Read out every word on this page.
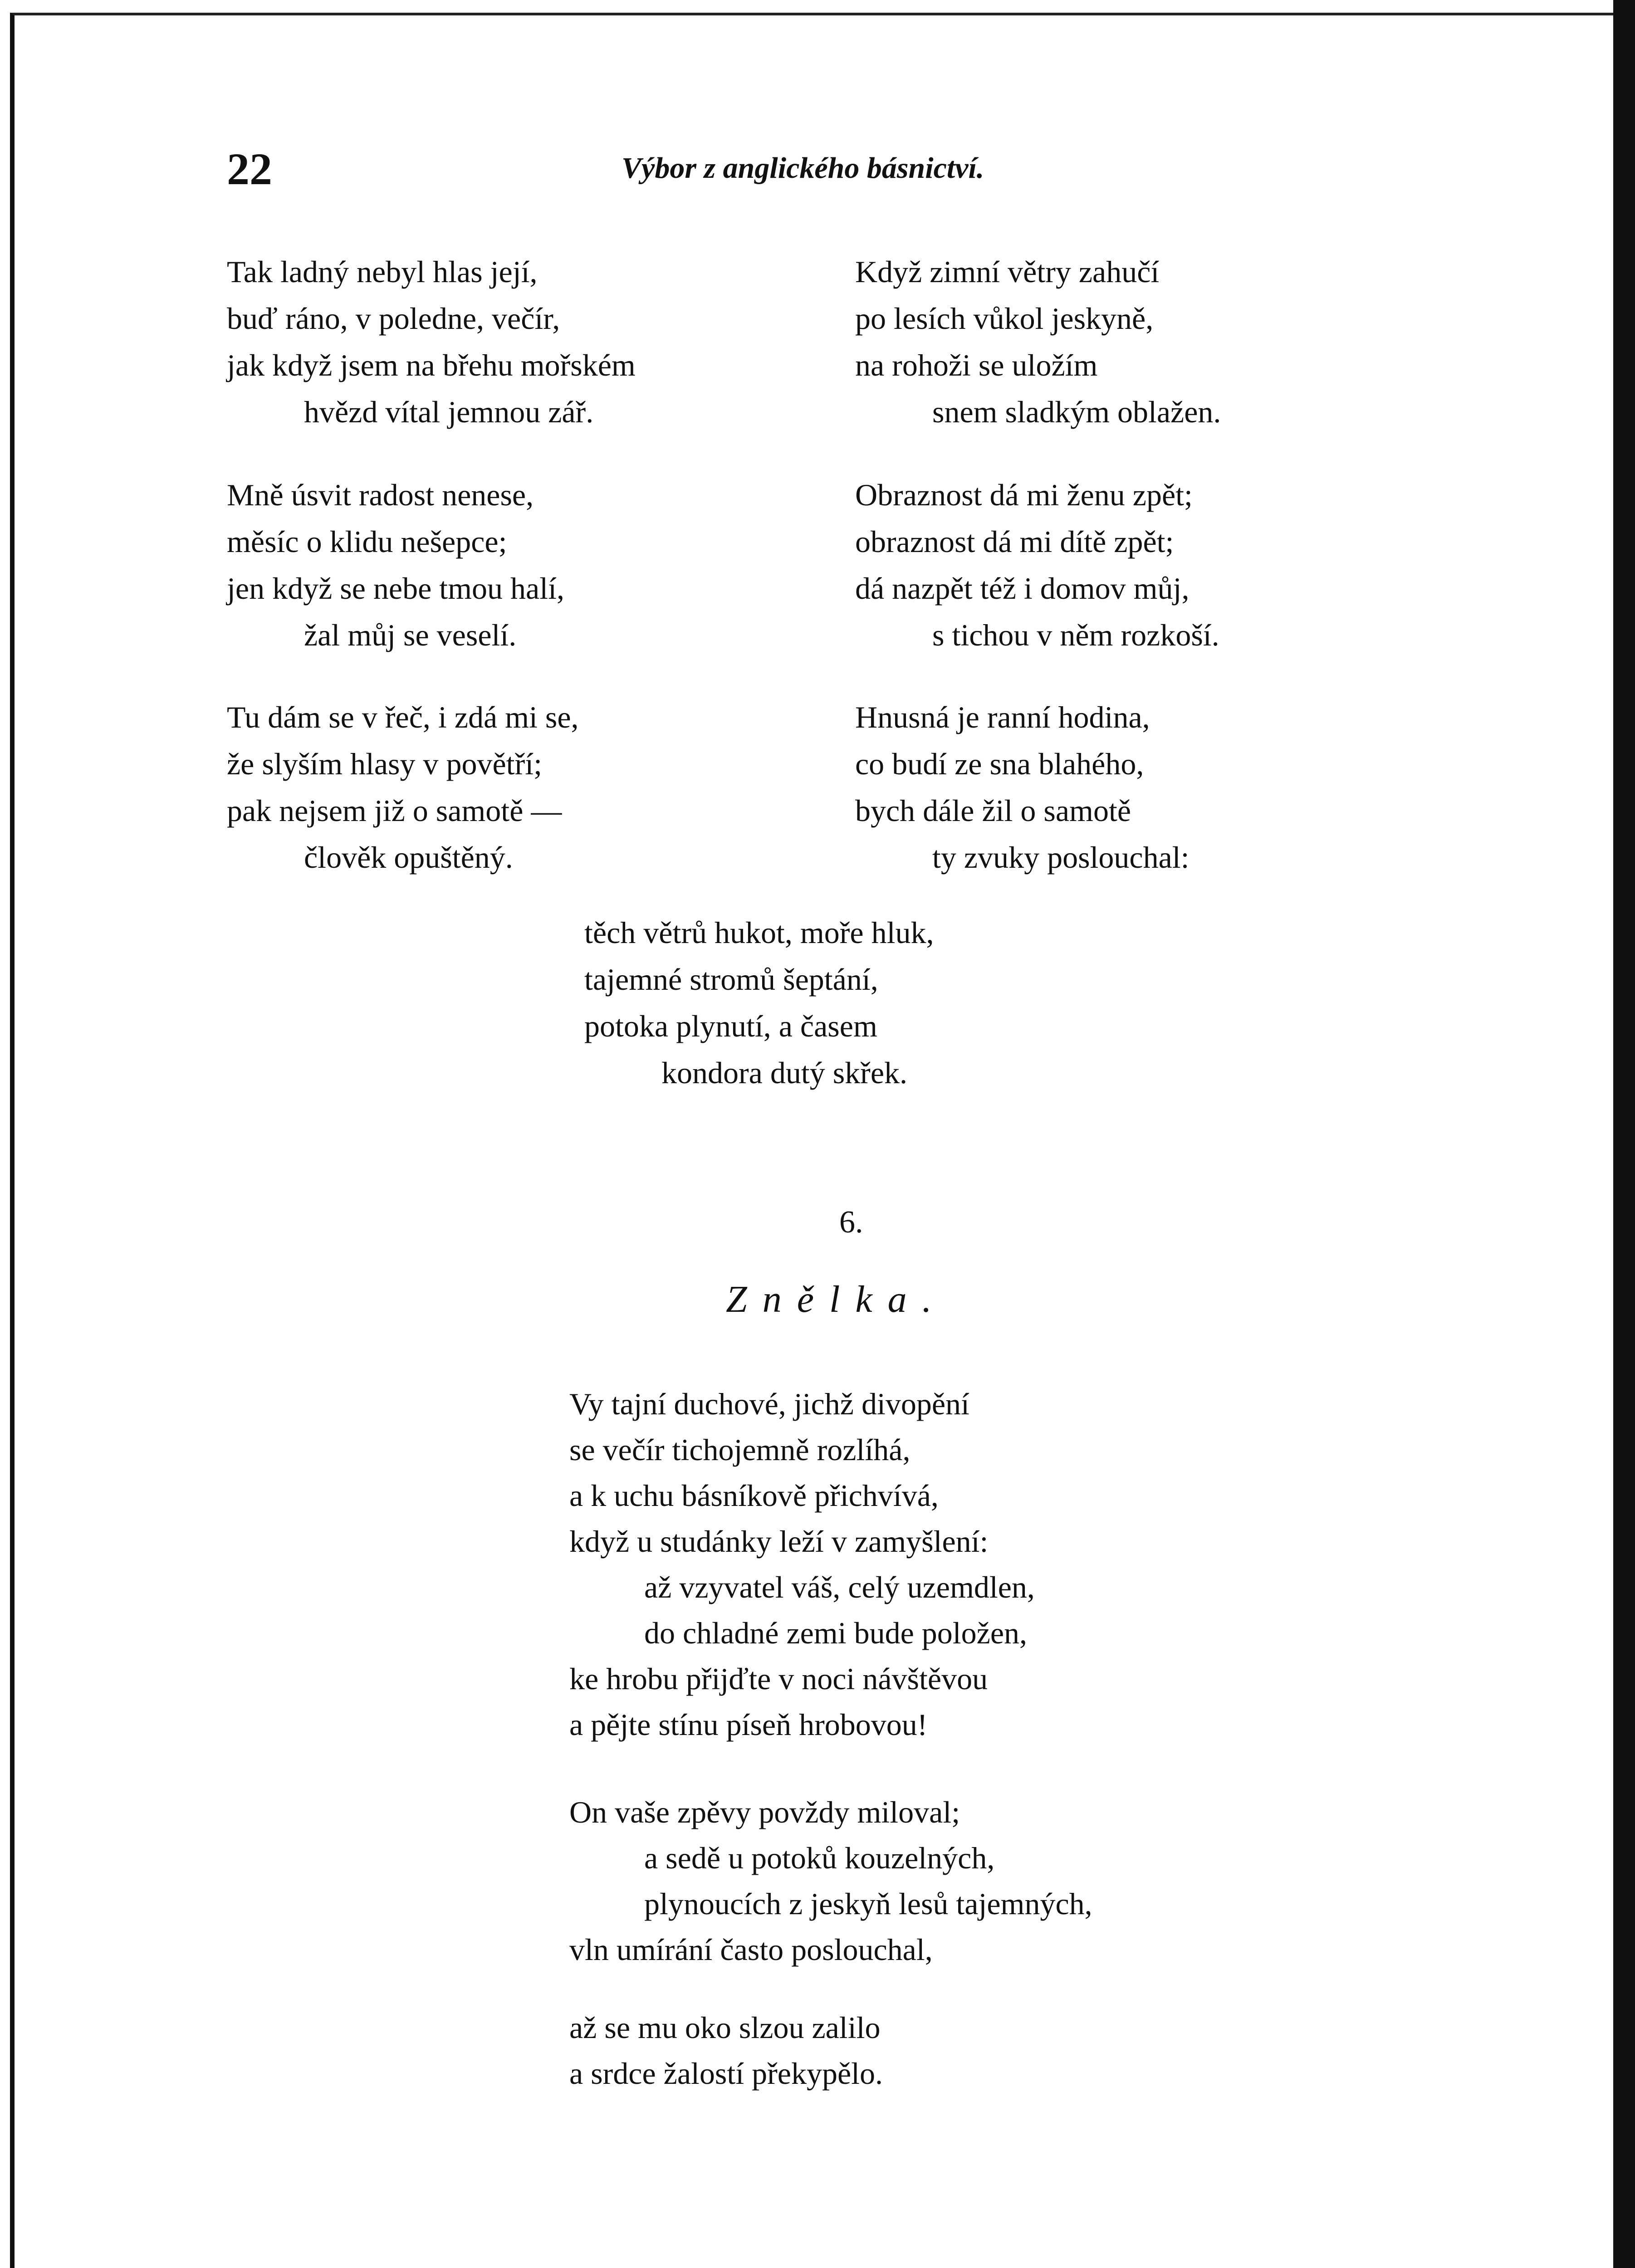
22	Výbor z anglického básnictví.
Tak ladný nebyl hlas její,
buď ráno, v poledne, večír,
jak když jsem na břehu mořském
hvězd vítal jemnou zář.
Mně úsvit radost nenese,
měsíc o klidu nešepce;
jen když se nebe tmou halí,
žal můj se veselí.
Tu dám se v řeč, i zdá mi se,
že slyším hlasy v povětří;
pak nejsem již o samotě —
člověk opuštěný.
Když zimní větry zahučí
po lesích vůkol jeskyně,
na rohoži se uložím
snem sladkým oblažen.
Obraznost dá mi ženu zpět;
obraznost dá mi dítě zpět;
dá nazpět též i domov můj,
s tichou v něm rozkoší.
Hnusná je ranní hodina,
co budí ze sna blahého,
bych dále žil o samotě
ty zvuky poslouchal:
těch větrů hukot, moře hluk,
tajemné stromů šeptání,
potoka plynutí, a časem
kondora dutý skřek.
6.
Znělka.
Vy tajní duchové, jichž divopění
se večír tichojemně rozlíhá,
a k uchu básníkově přichvívá,
když u studánky leží v zamyšlení:
až vzyvatel váš, celý uzemdlen,
do chladné zemi bude položen,
ke hrobu přijďte v noci návštěvou
a pějte stínu píseň hrobovou!
On vaše zpěvy povždy miloval;
a sedě u potoků kouzelných,
plynoucích z jeskyň lesů tajemných,
vln umírání často poslouchal,
až se mu oko slzou zalilo
a srdce žalostí překypělo.
